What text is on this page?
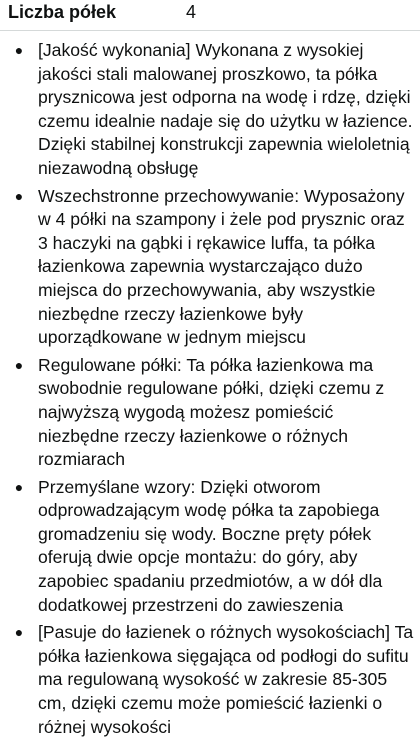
Liczba półek	4
● [Jakość wykonania] Wykonana z wysokiej jakości stali malowanej proszkowo, ta półka prysznicowa jest odporna na wodę i rdzę, dzięki czemu idealnie nadaje się do użytku w łazience. Dzięki stabilnej konstrukcji zapewnia wieloletnią niezawodną obsługę
● Wszechstronne przechowywanie: Wyposażony w 4 półki na szampony i żele pod prysznic oraz 3 haczyki na gąbki i rękawice luffa, ta półka łazienkowa zapewnia wystarczająco dużo miejsca do przechowywania, aby wszystkie niezbędne rzeczy łazienkowe były uporządkowane w jednym miejscu
● Regulowane półki: Ta półka łazienkowa ma swobodnie regulowane półki, dzięki czemu z najwyższą wygodą możesz pomieścić niezbędne rzeczy łazienkowe o różnych rozmiarach
● Przemyślane wzory: Dzięki otworom odprowadzającym wodę półka ta zapobiega gromadzeniu się wody. Boczne pręty półek oferują dwie opcje montażu: do góry, aby zapobiec spadaniu przedmiotów, a w dół dla dodatkowej przestrzeni do zawieszenia
● [Pasuje do łazienek o różnych wysokościach] Ta półka łazienkowa sięgająca od podłogi do sufitu ma regulowaną wysokość w zakresie 85-305 cm, dzięki czemu może pomieścić łazienki o różnej wysokości
